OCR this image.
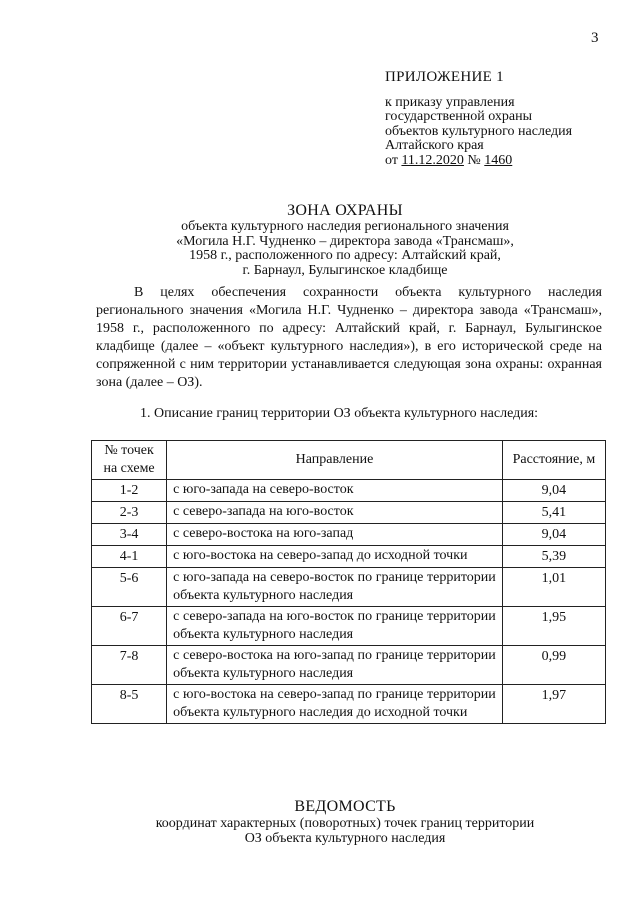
3
ПРИЛОЖЕНИЕ 1
к приказу управления
государственной охраны
объектов культурного наследия
Алтайского края
от 11.12.2020 № 1460
ЗОНА ОХРАНЫ
объекта культурного наследия регионального значения
«Могила Н.Г. Чудненко – директора завода «Трансмаш»,
1958 г., расположенного по адресу: Алтайский край,
г. Барнаул, Булыгинское кладбище
В целях обеспечения сохранности объекта культурного наследия регионального значения «Могила Н.Г. Чудненко – директора завода «Трансмаш», 1958 г., расположенного по адресу: Алтайский край, г. Барнаул, Булыгинское кладбище (далее – «объект культурного наследия»), в его исторической среде на сопряженной с ним территории устанавливается следующая зона охраны: охранная зона (далее – ОЗ).
1. Описание границ территории ОЗ объекта культурного наследия:
№ точек на схеме	Направление	Расстояние, м
1-2	с юго-запада на северо-восток	9,04
2-3	с северо-запада на юго-восток	5,41
3-4	с северо-востока на юго-запад	9,04
4-1	с юго-востока на северо-запад до исходной точки	5,39
5-6	с юго-запада на северо-восток по границе территории объекта культурного наследия	1,01
6-7	с северо-запада на юго-восток по границе территории объекта культурного наследия	1,95
7-8	с северо-востока на юго-запад по границе территории объекта культурного наследия	0,99
8-5	с юго-востока на северо-запад по границе территории объекта культурного наследия до исходной точки	1,97
ВЕДОМОСТЬ
координат характерных (поворотных) точек границ территории
ОЗ объекта культурного наследия
